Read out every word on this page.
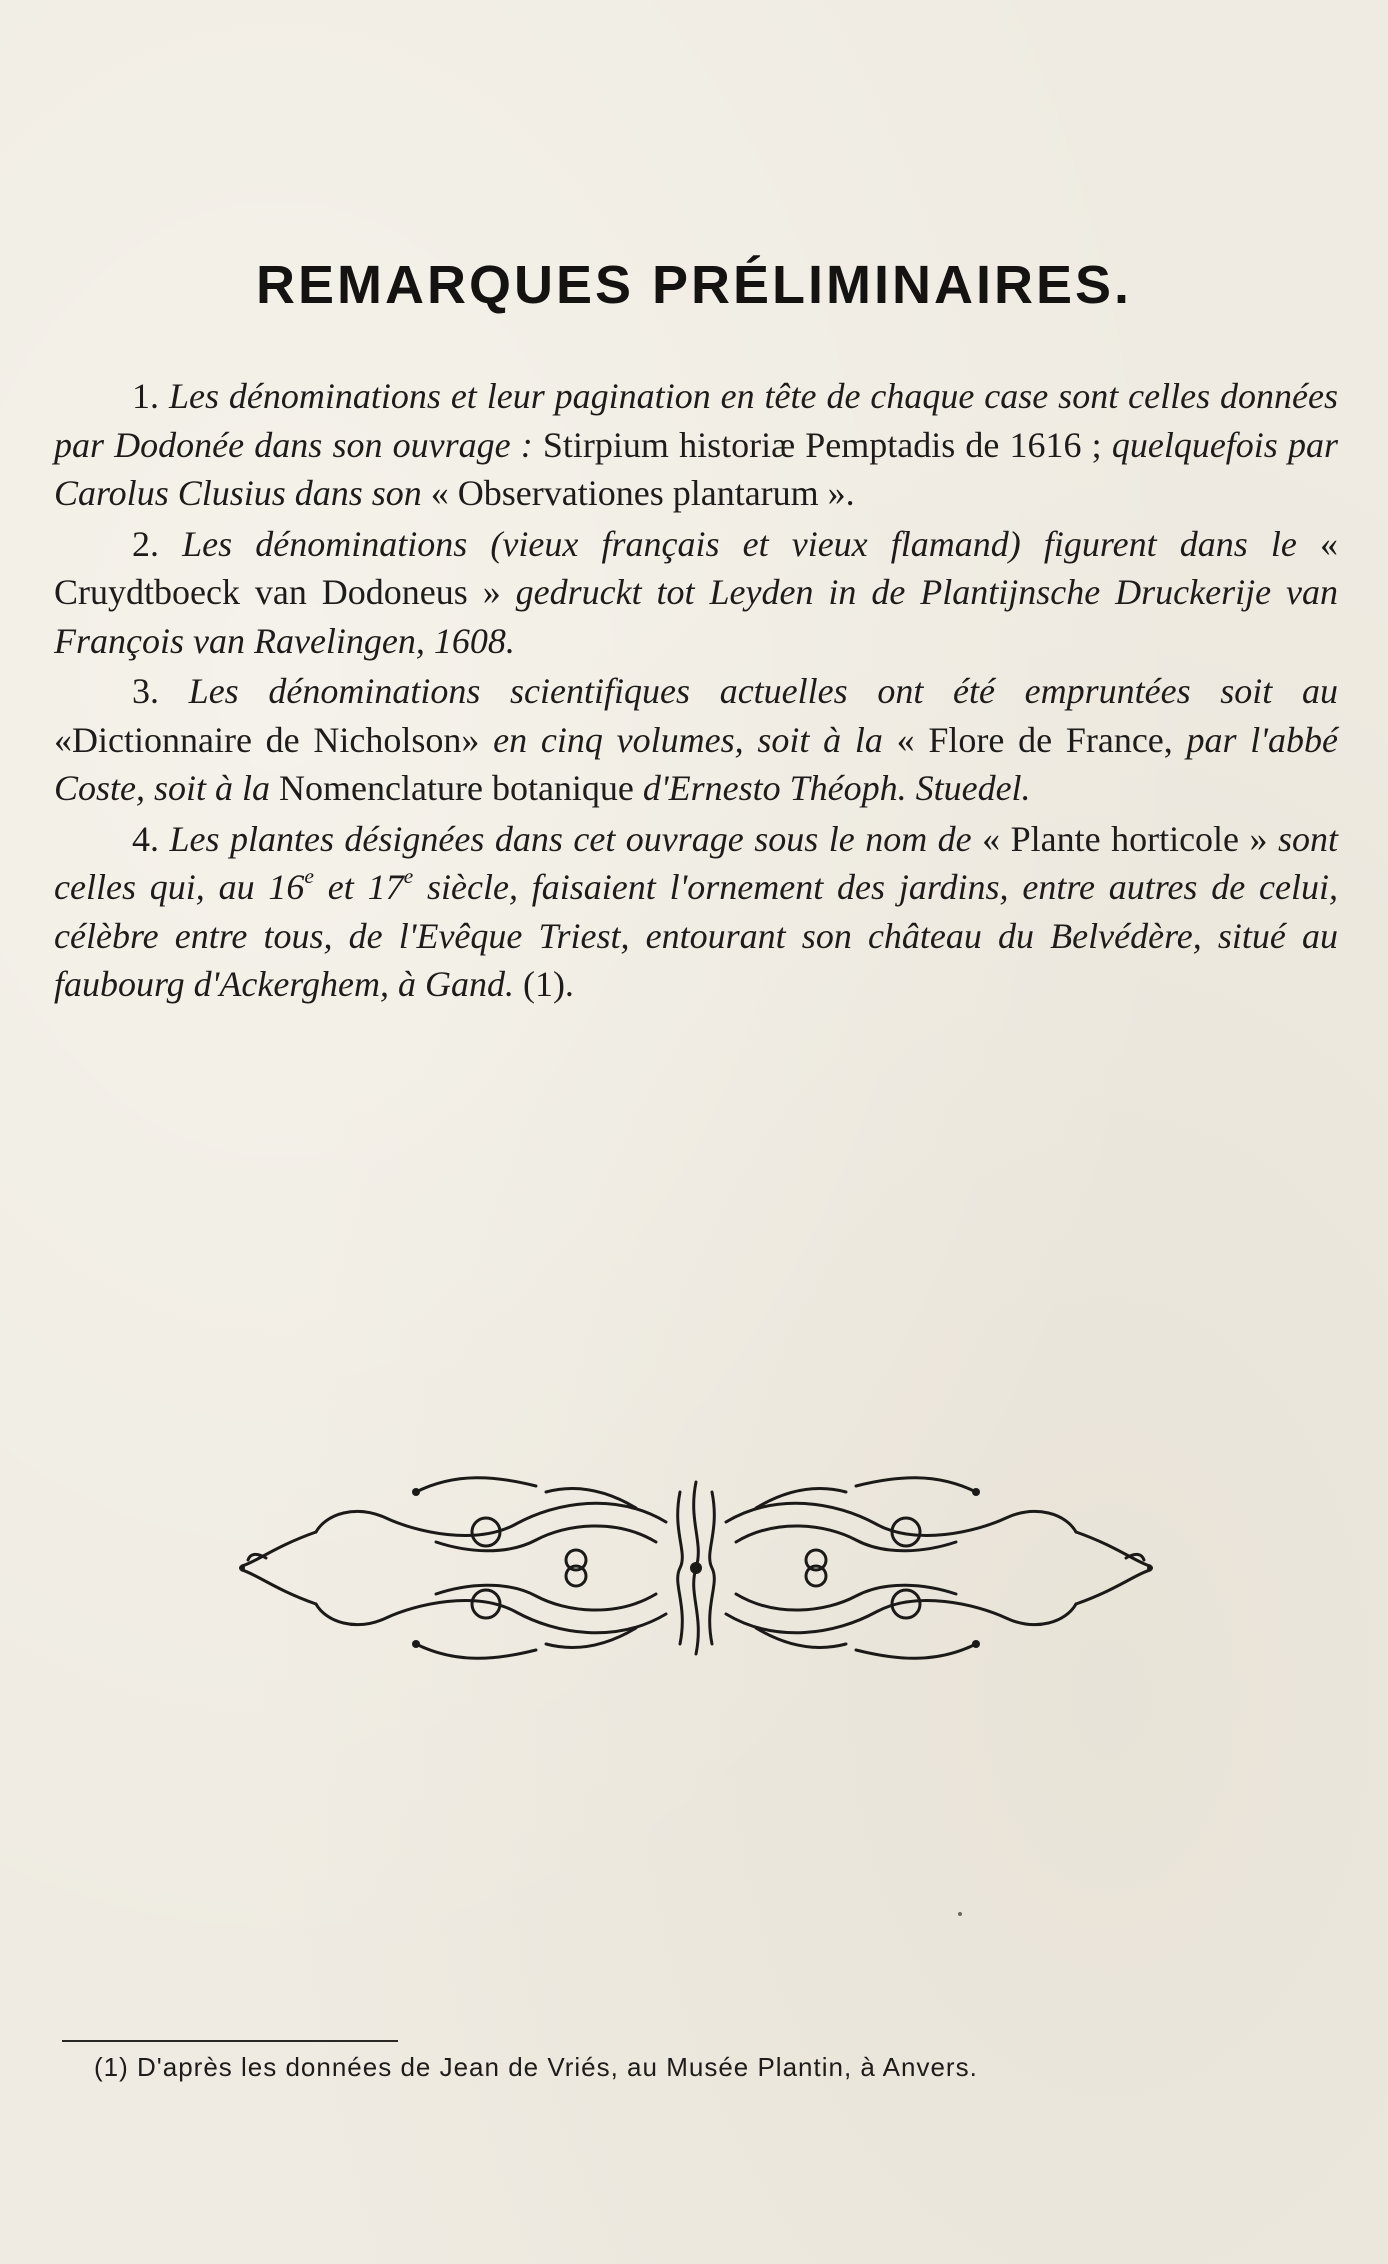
REMARQUES PRÉLIMINAIRES.

1. Les dénominations et leur pagination en tête de chaque case sont celles données par Dodonée dans son ouvrage : Stirpium historiæ Pemptadis de 1616 ; quelquefois par Carolus Clusius dans son « Observationes plantarum ».

2. Les dénominations (vieux français et vieux flamand) figurent dans le « Cruydtboeck van Dodoneus » gedruckt tot Leyden in de Plantijnsche Druckerije van François van Ravelingen, 1608.

3. Les dénominations scientifiques actuelles ont été empruntées soit au «Dictionnaire de Nicholson» en cinq volumes, soit à la « Flore de France, par l'abbé Coste, soit à la Nomenclature botanique d'Ernesto Théoph. Stuedel.

4. Les plantes désignées dans cet ouvrage sous le nom de « Plante horticole » sont celles qui, au 16e et 17e siècle, faisaient l'ornement des jardins, entre autres de celui, célèbre entre tous, de l'Evêque Triest, entourant son château du Belvédère, situé au faubourg d'Ackerghem, à Gand. (1).

(1) D'après les données de Jean de Vriés, au Musée Plantin, à Anvers.
